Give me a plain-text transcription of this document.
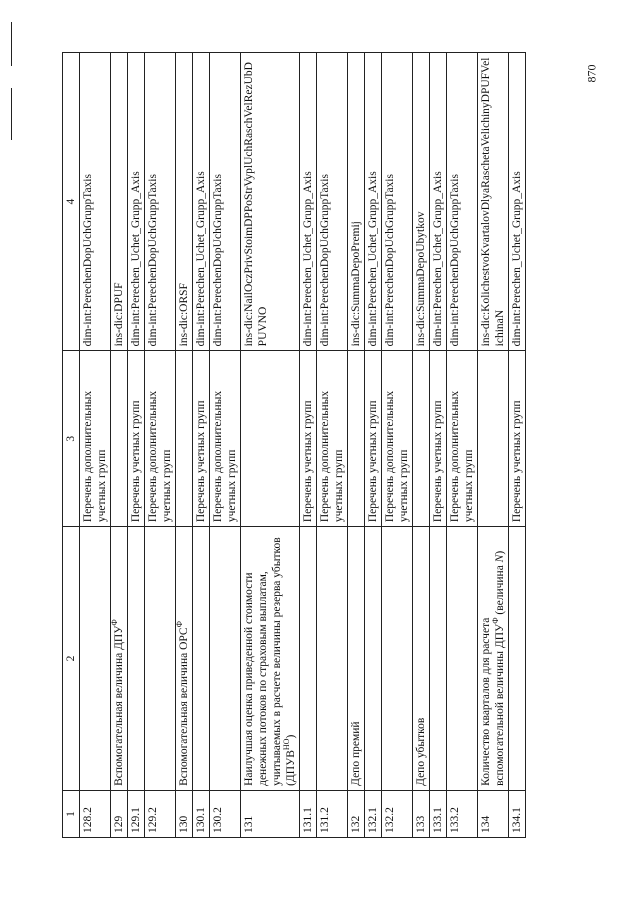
1	2	3	4
128.2		Перечень дополнительных учетных групп	dim-int:PerechenDopUchGruppTaxis
129	Вспомогательная величина $ДПУ^Ф$		ins-dic:DPUF
129.1		Перечень учетных групп	dim-int:Perechen_Uchet_Grupp_Axis
129.2		Перечень дополнительных учетных групп	dim-int:PerechenDopUchGruppTaxis
130	Вспомогательная величина $ОРС^Ф$		ins-dic:ORSF
130.1		Перечень учетных групп	dim-int:Perechen_Uchet_Grupp_Axis
130.2		Перечень дополнительных учетных групп	dim-int:PerechenDopUchGruppTaxis
131	Наилучшая оценка приведенной стоимости денежных потоков по страховым выплатам, учитываемых в расчете величины резерва убытков $(ДПУВ^{НО})$		ins-dic:NailOczPrivStoimDPPoStrVyplUchRaschVelRezUbDPUVNO
131.1		Перечень учетных групп	dim-int:Perechen_Uchet_Grupp_Axis
131.2		Перечень дополнительных учетных групп	dim-int:PerechenDopUchGruppTaxis
132	Депо премий		ins-dic:SummaDepoPremij
132.1		Перечень учетных групп	dim-int:Perechen_Uchet_Grupp_Axis
132.2		Перечень дополнительных учетных групп	dim-int:PerechenDopUchGruppTaxis
133	Депо убытков		ins-dic:SummaDepoUbytkov
133.1		Перечень учетных групп	dim-int:Perechen_Uchet_Grupp_Axis
133.2		Перечень дополнительных учетных групп	dim-int:PerechenDopUchGruppTaxis
134	Количество кварталов для расчета вспомогательной величины $ДПУ^Ф$ (величина N)		ins-dic:KolichestvoKvartalovDlyaRaschetaVelichinyDPUFVelichinaN
134.1		Перечень учетных групп	dim-int:Perechen_Uchet_Grupp_Axis
870
